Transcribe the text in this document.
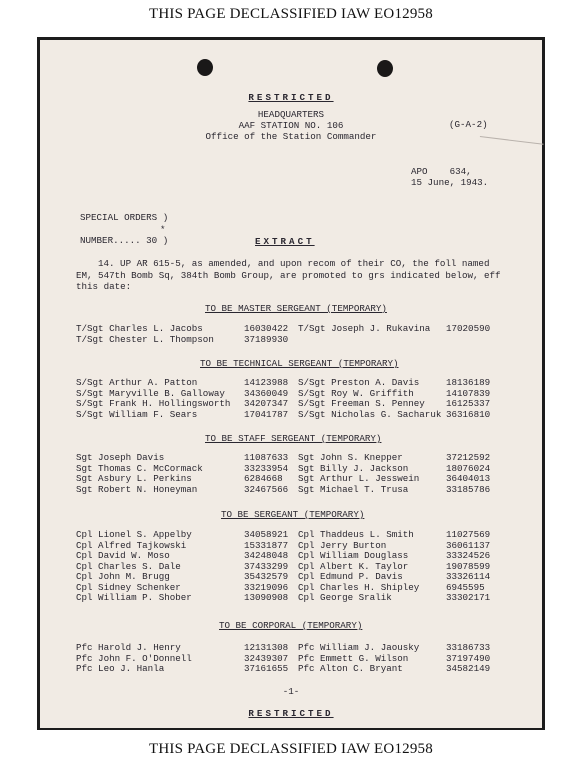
THIS PAGE DECLASSIFIED IAW EO12958
RESTRICTED
HEADQUARTERS
AAF STATION NO. 106
Office of the Station Commander
(G-A-2)
APO    634,
15 June, 1943.
SPECIAL ORDERS )
*
NUMBER..... 30 )	EXTRACT
14. UP AR 615-5, as amended, and upon recom of their CO, the foll named
EM, 547th Bomb Sq, 384th Bomb Group, are promoted to grs indicated below, eff
this date:
TO BE MASTER SERGEANT (TEMPORARY)
T/Sgt Charles L. Jacobs	16030422 T/Sgt Joseph J. Rukavina 17020590
T/Sgt Chester L. Thompson	37189930
TO BE TECHNICAL SERGEANT (TEMPORARY)
S/Sgt Arthur A. Patton	14123988 S/Sgt Preston A. Davis	18136189
S/Sgt Maryville B. Galloway 34360049 S/Sgt Roy W. Griffith	14107839
S/Sgt Frank H. Hollingsworth 34207347 S/Sgt Freeman S. Penney 16125337
S/Sgt William F. Sears	17041787 S/Sgt Nicholas G. Sacharuk 36316810
TO BE STAFF SERGEANT (TEMPORARY)
Sgt Joseph Davis	11087633 Sgt John S. Knepper	37212592
Sgt Thomas C. McCormack	33233954 Sgt Billy J. Jackson	18076024
Sgt Asbury L. Perkins	6284668 Sgt Arthur L. Jesswein	36404013
Sgt Robert N. Honeyman	32467566 Sgt Michael T. Trusa	33185786
TO BE SERGEANT (TEMPORARY)
Cpl Lionel S. Appelby	34058921 Cpl Thaddeus L. Smith	11027569
Cpl Alfred Tajkowski	15331877 Cpl Jerry Burton	36061137
Cpl David W. Moso	34248048 Cpl William Douglass	33324526
Cpl Charles S. Dale	37433299 Cpl Albert K. Taylor	19078599
Cpl John M. Brugg	35432579 Cpl Edmund P. Davis	33326114
Cpl Sidney Schenker	33219096 Cpl Charles H. Shipley	6945595
Cpl William P. Shober	13090908 Cpl George Sralik	33302171
TO BE CORPORAL (TEMPORARY)
Pfc Harold J. Henry	12131308 Pfc William J. Jaousky	33186733
Pfc John F. O'Donnell	32439307 Pfc Emmett G. Wilson	37197490
Pfc Leo J. Hanla	37161655 Pfc Alton C. Bryant	34582149
-1-
RESTRICTED
THIS PAGE DECLASSIFIED IAW EO12958
